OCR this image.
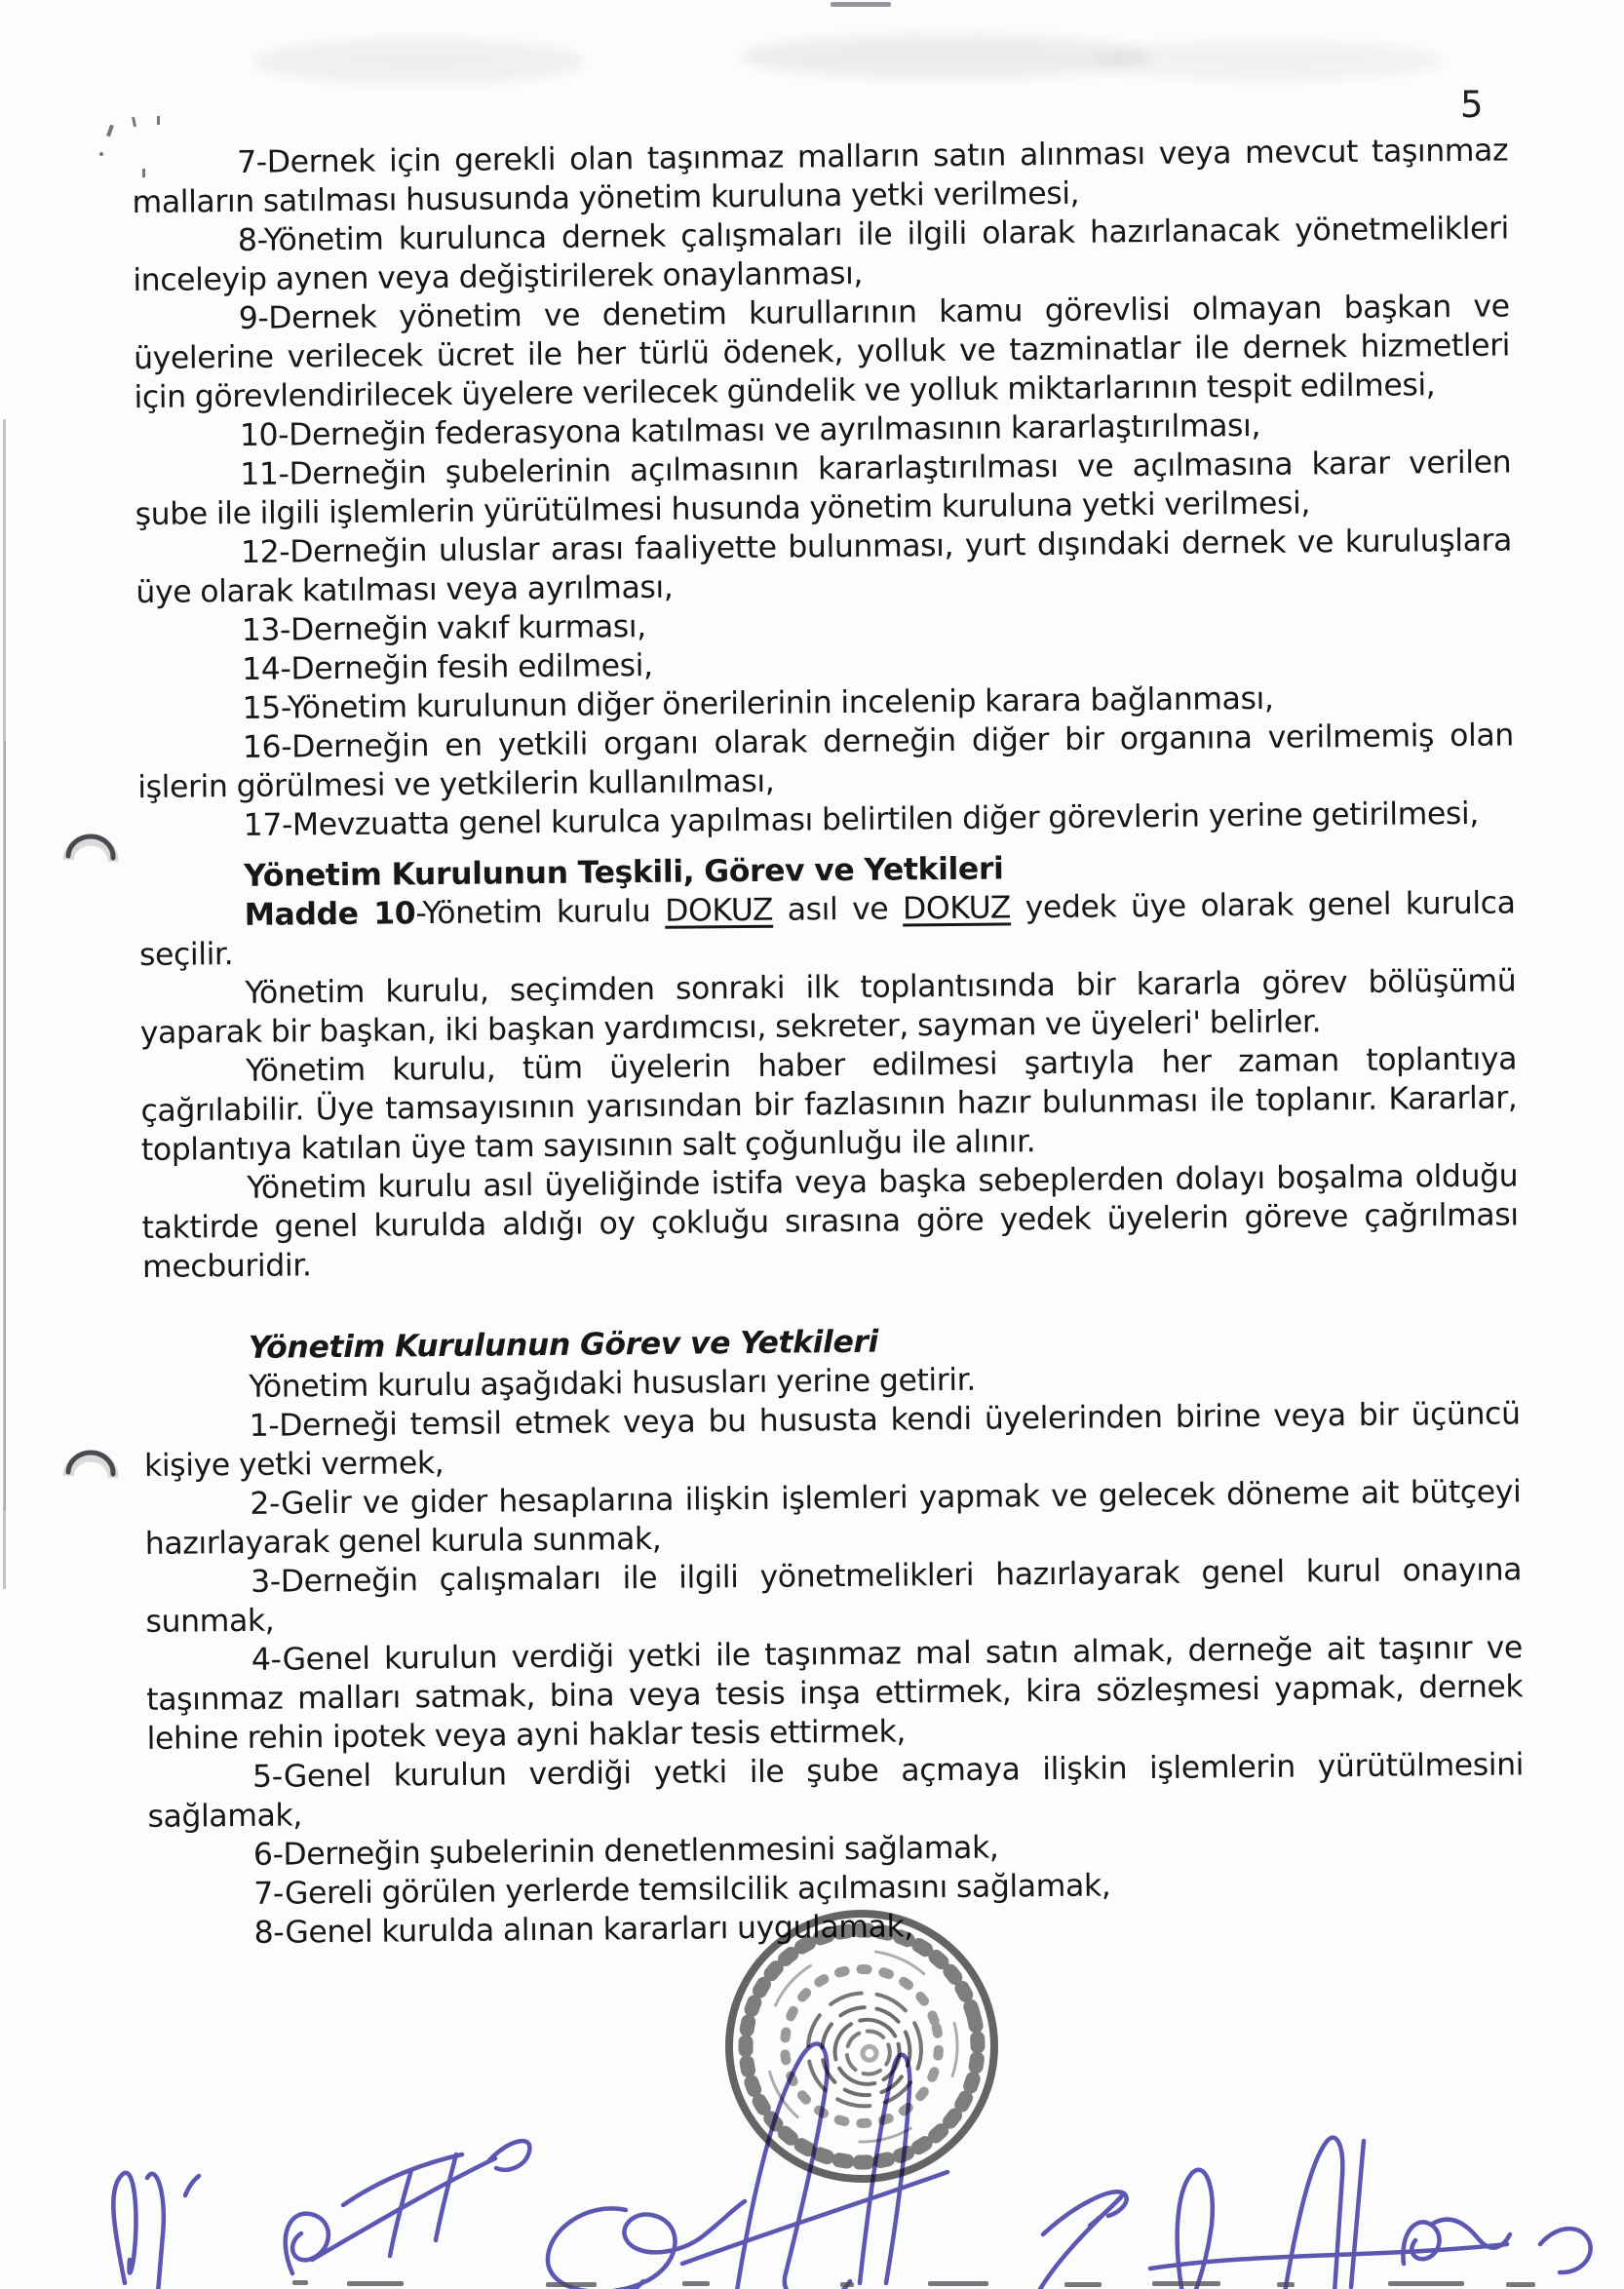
5

7-Dernek için gerekli olan taşınmaz malların satın alınması veya mevcut taşınmaz malların satılması hususunda yönetim kuruluna yetki verilmesi,

8-Yönetim kurulunca dernek çalışmaları ile ilgili olarak hazırlanacak yönetmelikleri inceleyip aynen veya değiştirilerek onaylanması,

9-Dernek yönetim ve denetim kurullarının kamu görevlisi olmayan başkan ve üyelerine verilecek ücret ile her türlü ödenek, yolluk ve tazminatlar ile dernek hizmetleri için görevlendirilecek üyelere verilecek gündelik ve yolluk miktarlarının tespit edilmesi,

10-Derneğin federasyona katılması ve ayrılmasının kararlaştırılması,

11-Derneğin şubelerinin açılmasının kararlaştırılması ve açılmasına karar verilen şube ile ilgili işlemlerin yürütülmesi husunda yönetim kuruluna yetki verilmesi,

12-Derneğin uluslar arası faaliyette bulunması, yurt dışındaki dernek ve kuruluşlara üye olarak katılması veya ayrılması,

13-Derneğin vakıf kurması,

14-Derneğin fesih edilmesi,

15-Yönetim kurulunun diğer önerilerinin incelenip karara bağlanması,

16-Derneğin en yetkili organı olarak derneğin diğer bir organına verilmemiş olan işlerin görülmesi ve yetkilerin kullanılması,

17-Mevzuatta genel kurulca yapılması belirtilen diğer görevlerin yerine getirilmesi,

Yönetim Kurulunun Teşkili, Görev ve Yetkileri

Madde 10-Yönetim kurulu DOKUZ asıl ve DOKUZ yedek üye olarak genel kurulca seçilir.

Yönetim kurulu, seçimden sonraki ilk toplantısında bir kararla görev bölüşümü yaparak bir başkan, iki başkan yardımcısı, sekreter, sayman ve üyeleri' belirler.

Yönetim kurulu, tüm üyelerin haber edilmesi şartıyla her zaman toplantıya çağrılabilir. Üye tamsayısının yarısından bir fazlasının hazır bulunması ile toplanır. Kararlar, toplantıya katılan üye tam sayısının salt çoğunluğu ile alınır.

Yönetim kurulu asıl üyeliğinde istifa veya başka sebeplerden dolayı boşalma olduğu taktirde genel kurulda aldığı oy çokluğu sırasına göre yedek üyelerin göreve çağrılması mecburidir.

Yönetim Kurulunun Görev ve Yetkileri

Yönetim kurulu aşağıdaki hususları yerine getirir.

1-Derneği temsil etmek veya bu hususta kendi üyelerinden birine veya bir üçüncü kişiye yetki vermek,

2-Gelir ve gider hesaplarına ilişkin işlemleri yapmak ve gelecek döneme ait bütçeyi hazırlayarak genel kurula sunmak,

3-Derneğin çalışmaları ile ilgili yönetmelikleri hazırlayarak genel kurul onayına sunmak,

4-Genel kurulun verdiği yetki ile taşınmaz mal satın almak, derneğe ait taşınır ve taşınmaz malları satmak, bina veya tesis inşa ettirmek, kira sözleşmesi yapmak, dernek lehine rehin ipotek veya ayni haklar tesis ettirmek,

5-Genel kurulun verdiği yetki ile şube açmaya ilişkin işlemlerin yürütülmesini sağlamak,

6-Derneğin şubelerinin denetlenmesini sağlamak,

7-Gereli görülen yerlerde temsilcilik açılmasını sağlamak,

8-Genel kurulda alınan kararları uygulamak,
